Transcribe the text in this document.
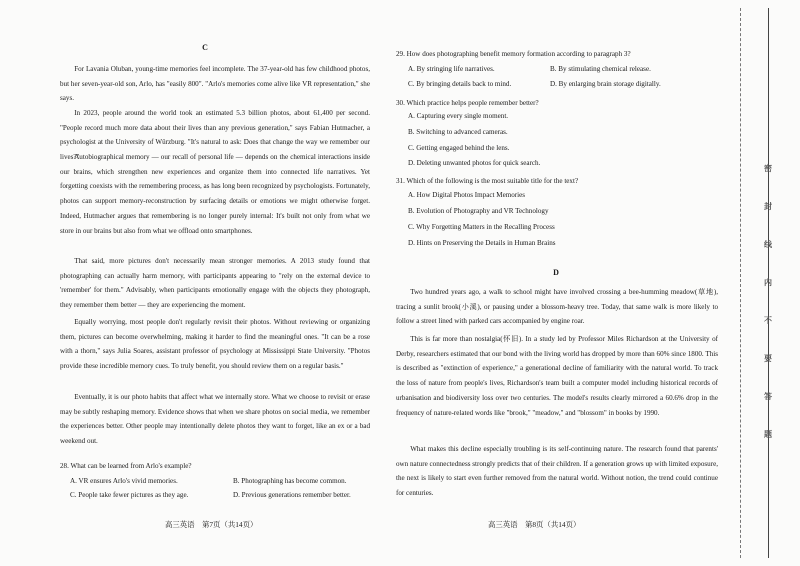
C

For Lavania Oluban, young-time memories feel incomplete. The 37-year-old has few childhood photos, but her seven-year-old son, Arlo, has "easily 800". "Arlo's memories come alive like VR representation," she says.

In 2023, people around the world took an estimated 5.3 billion photos, about 61,400 per second. "People record much more data about their lives than any previous generation," says Fabian Hutmacher, a psychologist at the University of Würzburg. "It's natural to ask: Does that change the way we remember our lives?"

Autobiographical memory — our recall of personal life — depends on the chemical interactions inside our brains, which strengthen new experiences and organize them into connected life narratives. Yet forgetting coexists with the remembering process, as has long been recognized by psychologists. Fortunately, photos can support memory-reconstruction by surfacing details or emotions we might otherwise forget. Indeed, Hutmacher argues that remembering is no longer purely internal: It's built not only from what we store in our brains but also from what we offload onto smartphones.

That said, more pictures don't necessarily mean stronger memories. A 2013 study found that photographing can actually harm memory, with participants appearing to "rely on the external device to 'remember' for them." Advisably, when participants emotionally engage with the objects they photograph, they remember them better — they are experiencing the moment.

Equally worrying, most people don't regularly revisit their photos. Without reviewing or organizing them, pictures can become overwhelming, making it harder to find the meaningful ones. "It can be a rose with a thorn," says Julia Soares, assistant professor of psychology at Mississippi State University. "Photos provide these incredible memory cues. To truly benefit, you should review them on a regular basis."

Eventually, it is our photo habits that affect what we internally store. What we choose to revisit or erase may be subtly reshaping memory. Evidence shows that when we share photos on social media, we remember the experiences better. Other people may intentionally delete photos they want to forget, like an ex or a bad weekend out.

28. What can be learned from Arlo's example?
A. VR ensures Arlo's vivid memories.	B. Photographing has become common.
C. People take fewer pictures as they age.	D. Previous generations remember better.
高三英语　第7页（共14页）
29. How does photographing benefit memory formation according to paragraph 3?
A. By stringing life narratives.	B. By stimulating chemical release.
C. By bringing details back to mind.	D. By enlarging brain storage digitally.
30. Which practice helps people remember better?
A. Capturing every single moment.
B. Switching to advanced cameras.
C. Getting engaged behind the lens.
D. Deleting unwanted photos for quick search.
31. Which of the following is the most suitable title for the text?
A. How Digital Photos Impact Memories
B. Evolution of Photography and VR Technology
C. Why Forgetting Matters in the Recalling Process
D. Hints on Preserving the Details in Human Brains
D

Two hundred years ago, a walk to school might have involved crossing a bee-humming meadow(草地), tracing a sunlit brook(小溪), or pausing under a blossom-heavy tree. Today, that same walk is more likely to follow a street lined with parked cars accompanied by engine roar.

This is far more than nostalgia(怀旧). In a study led by Professor Miles Richardson at the University of Derby, researchers estimated that our bond with the living world has dropped by more than 60% since 1800. This is described as "extinction of experience," a generational decline of familiarity with the natural world. To track the loss of nature from people's lives, Richardson's team built a computer model including historical records of urbanisation and biodiversity loss over two centuries. The model's results clearly mirrored a 60.6% drop in the frequency of nature-related words like "brook," "meadow," and "blossom" in books by 1990.

What makes this decline especially troubling is its self-continuing nature. The research found that parents' own nature connectedness strongly predicts that of their children. If a generation grows up with limited exposure, the next is likely to start even further removed from the natural world. Without notion, the trend could continue for centuries.

高三英语　第8页（共14页）
密
封
线
内
不
要
答
题
